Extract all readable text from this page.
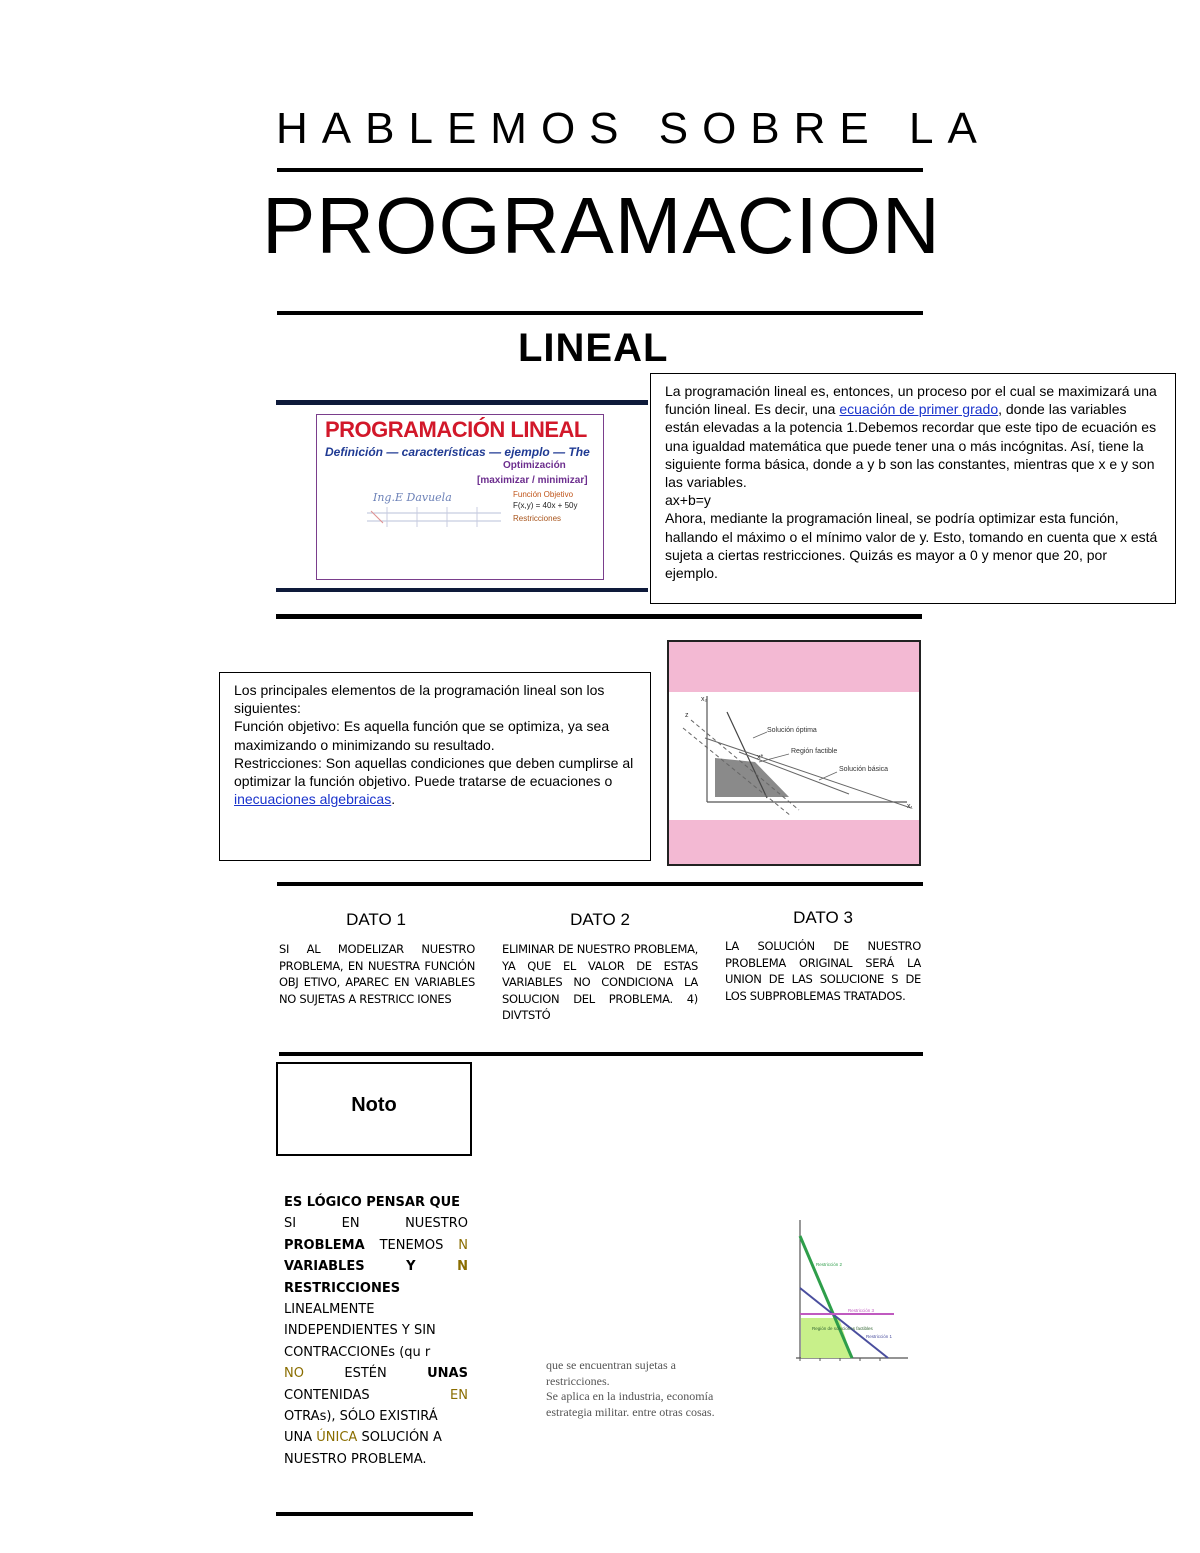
HABLEMOS SOBRE LA
PROGRAMACION
LINEAL
PROGRAMACIÓN LINEAL
Definición — características — ejemplo — The
Optimización
[maximizar / minimizar]
Ing.E Davuela	Función Objetivo
F(x,y) = 40x + 50y
Restricciones

La programación lineal es, entonces, un proceso por el cual se maximizará una función lineal. Es decir, una ecuación de primer grado, donde las variables están elevadas a la potencia 1.Debemos recordar que este tipo de ecuación es una igualdad matemática que puede tener una o más incógnitas. Así, tiene la siguiente forma básica, donde a y b son las constantes, mientras que x e y son las variables.

ax+b=y

Ahora, mediante la programación lineal, se podría optimizar esta función, hallando el máximo o el mínimo valor de y. Esto, tomando en cuenta que x está sujeta a ciertas restricciones. Quizás es mayor a 0 y menor que 20, por ejemplo.

Los principales elementos de la programación lineal son los siguientes:

Función objetivo: Es aquella función que se optimiza, ya sea maximizando o minimizando su resultado.

Restricciones: Son aquellas condiciones que deben cumplirse al optimizar la función objetivo. Puede tratarse de ecuaciones o inecuaciones algebraicas.

x₂
x₁
z
x*
Solución óptima
Región factible
Solución básica
DATO 1
SI AL MODELIZAR NUESTRO PROBLEMA, EN NUESTRA FUNCIÓN OBJ ETIVO, APAREC EN VARIABLES NO SUJETAS A RESTRICC IONES
DATO 2
ELIMINAR DE NUESTRO PROBLEMA, YA QUE EL VALOR DE ESTAS VARIABLES NO CONDICIONA LA SOLUCION DEL PROBLEMA. 4) DIVTSTÓ
DATO 3
LA SOLUCIÓN DE NUESTRO PROBLEMA ORIGINAL SERÁ LA UNION DE LAS SOLUCIONE S DE LOS SUBPROBLEMAS TRATADOS.
Noto
ES LÓGICO PENSAR QUE
SI	EN	NUESTRO
PROBLEMA TENEMOS N
VARIABLES	Y	N
RESTRICCIONES
LINEALMENTE
INDEPENDIENTES Y SIN
CONTRACCIONEs (qu r
NO	ESTÉN	UNAS
CONTENIDAS	EN
OTRAs), SÓLO EXISTIRÁ
UNA ÚNICA SOLUCIÓN A
NUESTRO PROBLEMA.
que se encuentran sujetas a
restricciones.
Se aplica en la industria, economía
estrategia militar. entre otras cosas.
Restricción 2
Restricción 3
Restricción 1
Región de soluciones factibles
